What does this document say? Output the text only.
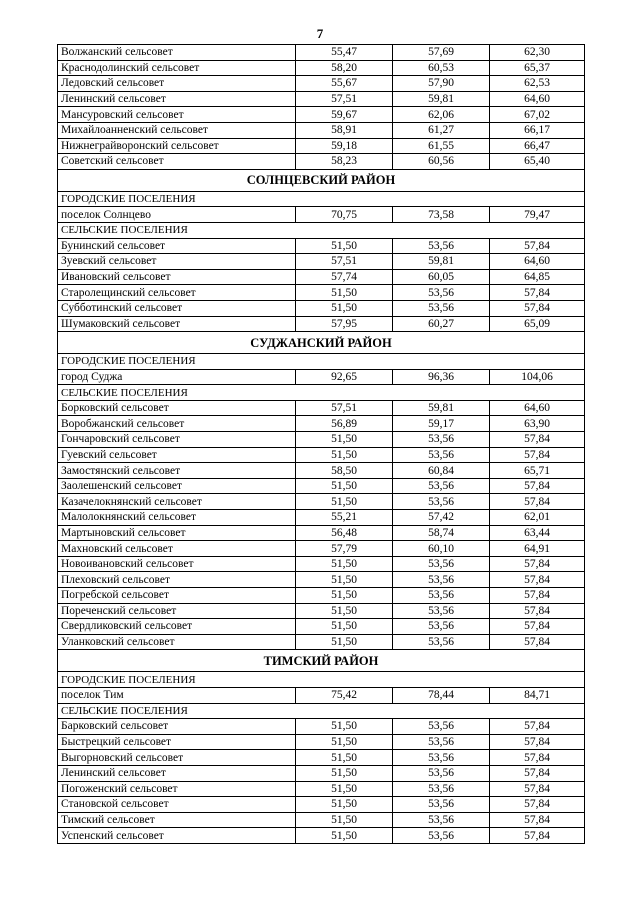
7
Волжанский сельсовет	55,47	57,69	62,30
Краснодолинский сельсовет	58,20	60,53	65,37
Ледовский сельсовет	55,67	57,90	62,53
Ленинский сельсовет	57,51	59,81	64,60
Мансуровский сельсовет	59,67	62,06	67,02
Михайлоанненский сельсовет	58,91	61,27	66,17
Нижнеграйворонский сельсовет	59,18	61,55	66,47
Советский сельсовет	58,23	60,56	65,40
СОЛНЦЕВСКИЙ РАЙОН			
ГОРОДСКИЕ ПОСЕЛЕНИЯ			
поселок Солнцево	70,75	73,58	79,47
СЕЛЬСКИЕ ПОСЕЛЕНИЯ			
Бунинский сельсовет	51,50	53,56	57,84
Зуевский сельсовет	57,51	59,81	64,60
Ивановский сельсовет	57,74	60,05	64,85
Старолещинский сельсовет	51,50	53,56	57,84
Субботинский сельсовет	51,50	53,56	57,84
Шумаковский сельсовет	57,95	60,27	65,09
СУДЖАНСКИЙ РАЙОН			
ГОРОДСКИЕ ПОСЕЛЕНИЯ			
город Суджа	92,65	96,36	104,06
СЕЛЬСКИЕ ПОСЕЛЕНИЯ			
Борковский сельсовет	57,51	59,81	64,60
Воробжанский сельсовет	56,89	59,17	63,90
Гончаровский сельсовет	51,50	53,56	57,84
Гуевский сельсовет	51,50	53,56	57,84
Замостянский сельсовет	58,50	60,84	65,71
Заолешенский сельсовет	51,50	53,56	57,84
Казачелокнянский сельсовет	51,50	53,56	57,84
Малолокнянский сельсовет	55,21	57,42	62,01
Мартыновский сельсовет	56,48	58,74	63,44
Махновский сельсовет	57,79	60,10	64,91
Новоивановский сельсовет	51,50	53,56	57,84
Плеховский сельсовет	51,50	53,56	57,84
Погребской сельсовет	51,50	53,56	57,84
Пореченский сельсовет	51,50	53,56	57,84
Свердликовский сельсовет	51,50	53,56	57,84
Уланковский сельсовет	51,50	53,56	57,84
ТИМСКИЙ РАЙОН			
ГОРОДСКИЕ ПОСЕЛЕНИЯ			
поселок Тим	75,42	78,44	84,71
СЕЛЬСКИЕ ПОСЕЛЕНИЯ			
Барковский сельсовет	51,50	53,56	57,84
Быстрецкий сельсовет	51,50	53,56	57,84
Выгорновский сельсовет	51,50	53,56	57,84
Ленинский сельсовет	51,50	53,56	57,84
Погоженский сельсовет	51,50	53,56	57,84
Становской сельсовет	51,50	53,56	57,84
Тимский сельсовет	51,50	53,56	57,84
Успенский сельсовет	51,50	53,56	57,84
